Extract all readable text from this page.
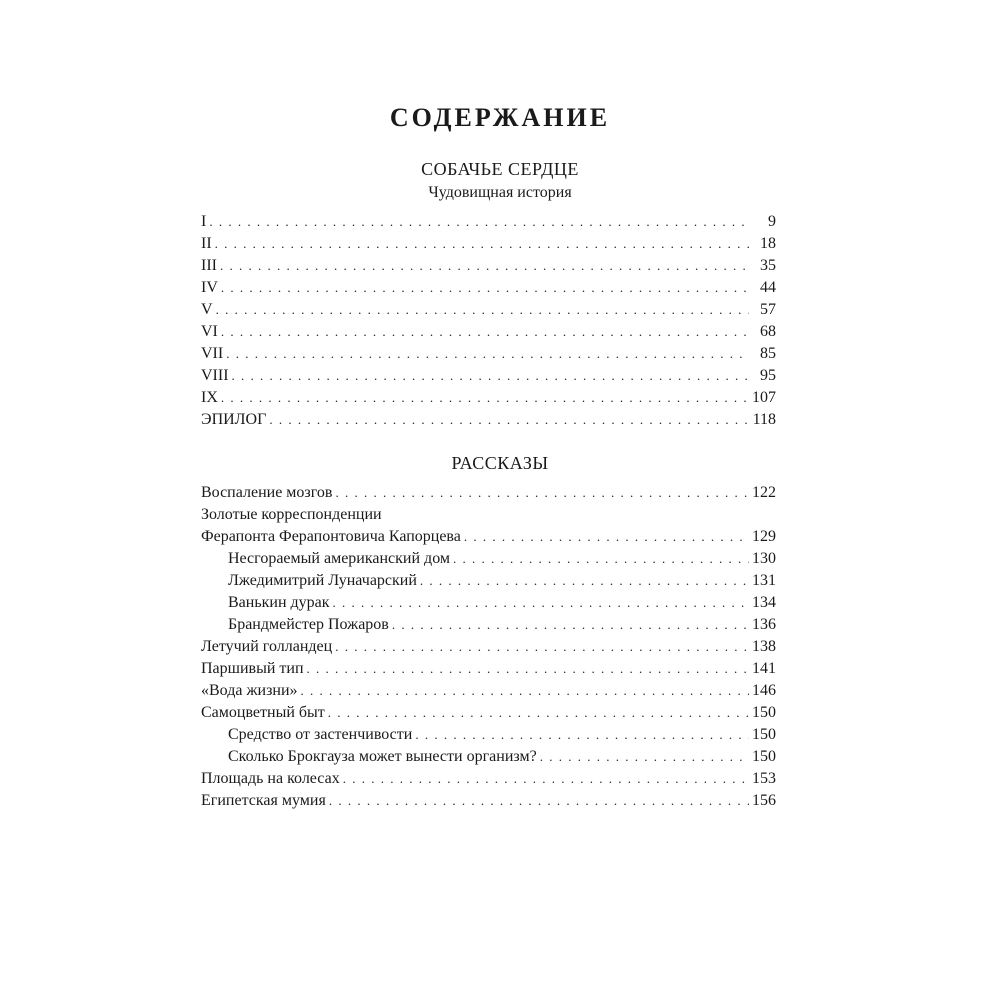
СОДЕРЖАНИЕ
СОБАЧЬЕ СЕРДЦЕ
Чудовищная история
I . . .	9
II . . .	18
III . . .	35
IV . . .	44
V . . .	57
VI . . .	68
VII . . .	85
VIII . . .	95
IX . . .	107
ЭПИЛОГ . . .	118
РАССКАЗЫ
Воспаление мозгов . . .	122
Золотые корреспонденции
Ферапонта Ферапонтовича Капорцева . . .	129
Несгораемый американский дом . . .	130
Лжедимитрий Луначарский . . .	131
Ванькин дурак . . .	134
Брандмейстер Пожаров . . .	136
Летучий голландец . . .	138
Паршивый тип . . .	141
«Вода жизни» . . .	146
Самоцветный быт . . .	150
Средство от застенчивости . . .	150
Сколько Брокгауза может вынести организм? . . .	150
Площадь на колесах . . .	153
Египетская мумия . . .	156
